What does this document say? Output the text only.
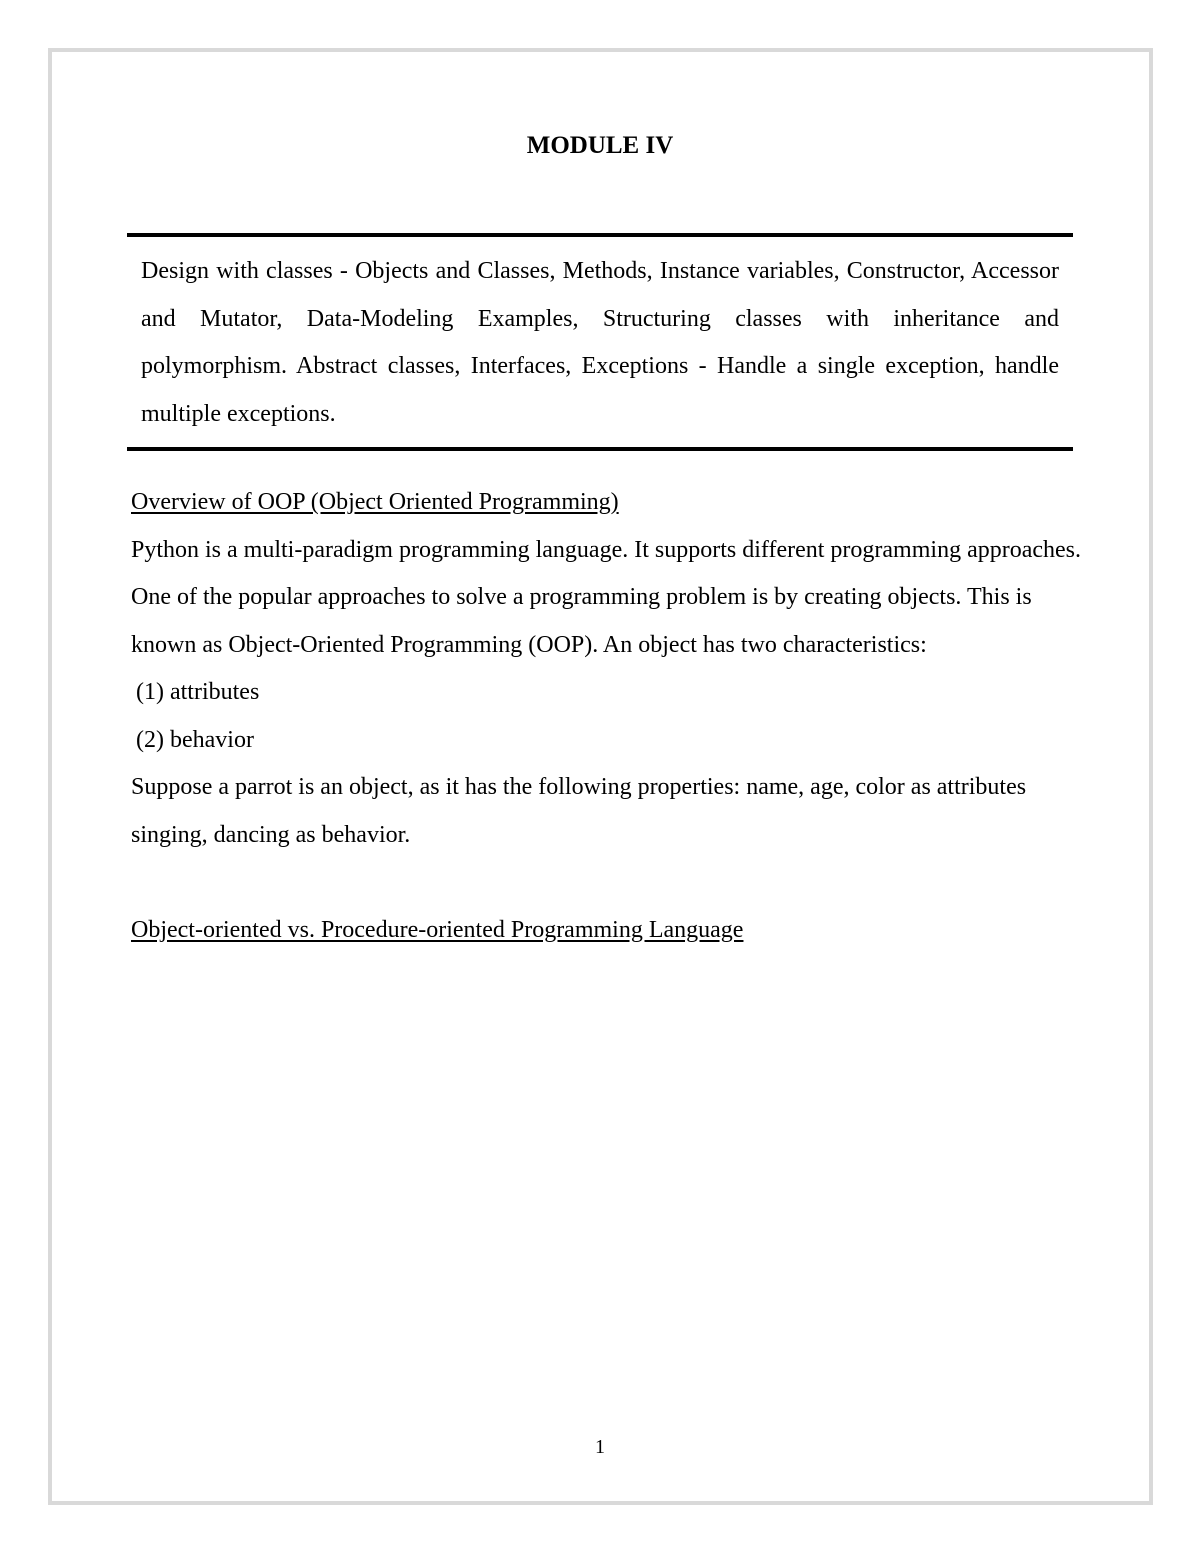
MODULE IV

Design with classes - Objects and Classes, Methods, Instance variables, Constructor, Accessor and Mutator, Data-Modeling Examples, Structuring classes with inheritance and polymorphism. Abstract classes, Interfaces, Exceptions - Handle a single exception, handle multiple exceptions.

Overview of OOP (Object Oriented Programming)

Python is a multi-paradigm programming language. It supports different programming approaches. One of the popular approaches to solve a programming problem is by creating objects. This is known as Object-Oriented Programming (OOP). An object has two characteristics:

(1) attributes

(2) behavior

Suppose a parrot is an object, as it has the following properties: name, age, color as attributes singing, dancing as behavior.

Object-oriented vs. Procedure-oriented Programming Language

1
